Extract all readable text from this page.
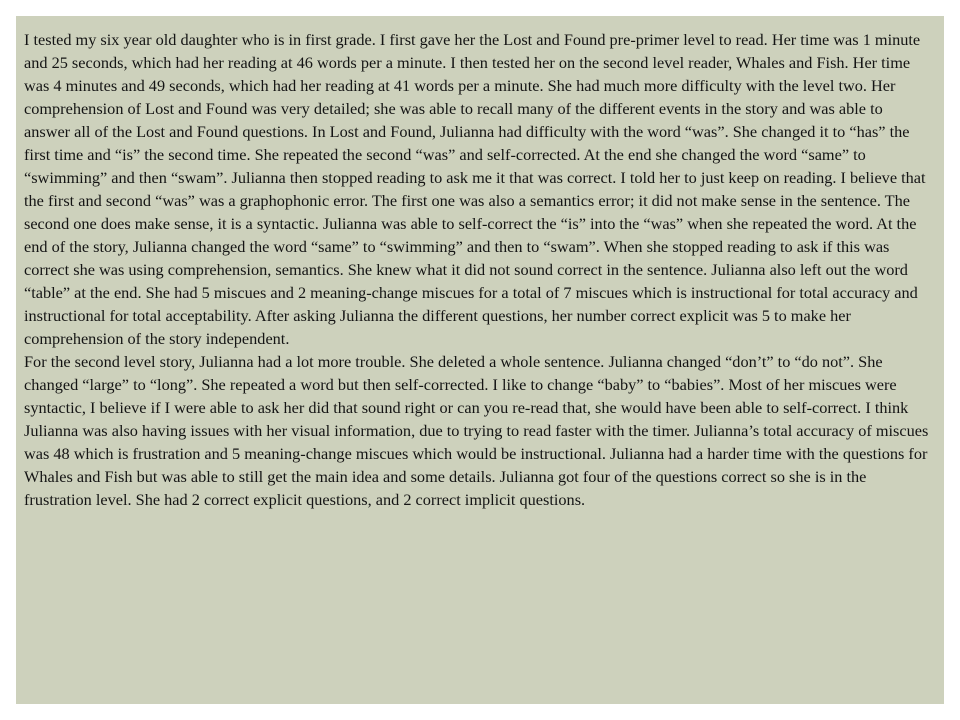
I tested my six year old daughter who is in first grade. I first gave her the Lost and Found pre-primer level to read. Her time was 1 minute and 25 seconds, which had her reading at 46 words per a minute. I then tested her on the second level reader, Whales and Fish. Her time was 4 minutes and 49 seconds, which had her reading at 41 words per a minute. She had much more difficulty with the level two. Her comprehension of Lost and Found was very detailed; she was able to recall many of the different events in the story and was able to answer all of the Lost and Found questions. In Lost and Found, Julianna had difficulty with the word “was”. She changed it to “has” the first time and “is” the second time. She repeated the second “was” and self-corrected. At the end she changed the word “same” to “swimming” and then “swam”. Julianna then stopped reading to ask me it that was correct. I told her to just keep on reading. I believe that the first and second “was” was a graphophonic error. The first one was also a semantics error; it did not make sense in the sentence. The second one does make sense, it is a syntactic. Julianna was able to self-correct the “is” into the “was” when she repeated the word. At the end of the story, Julianna changed the word “same” to “swimming” and then to “swam”. When she stopped reading to ask if this was correct she was using comprehension, semantics. She knew what it did not sound correct in the sentence. Julianna also left out the word “table” at the end. She had 5 miscues and 2 meaning-change miscues for a total of 7 miscues which is instructional for total accuracy and instructional for total acceptability. After asking Julianna the different questions, her number correct explicit was 5 to make her comprehension of the story independent.

For the second level story, Julianna had a lot more trouble. She deleted a whole sentence. Julianna changed “don’t” to “do not”. She changed “large” to “long”. She repeated a word but then self-corrected. I like to change “baby” to “babies”. Most of her miscues were syntactic, I believe if I were able to ask her did that sound right or can you re-read that, she would have been able to self-correct. I think Julianna was also having issues with her visual information, due to trying to read faster with the timer. Julianna’s total accuracy of miscues was 48 which is frustration and 5 meaning-change miscues which would be instructional. Julianna had a harder time with the questions for Whales and Fish but was able to still get the main idea and some details. Julianna got four of the questions correct so she is in the frustration level. She had 2 correct explicit questions, and 2 correct implicit questions.
